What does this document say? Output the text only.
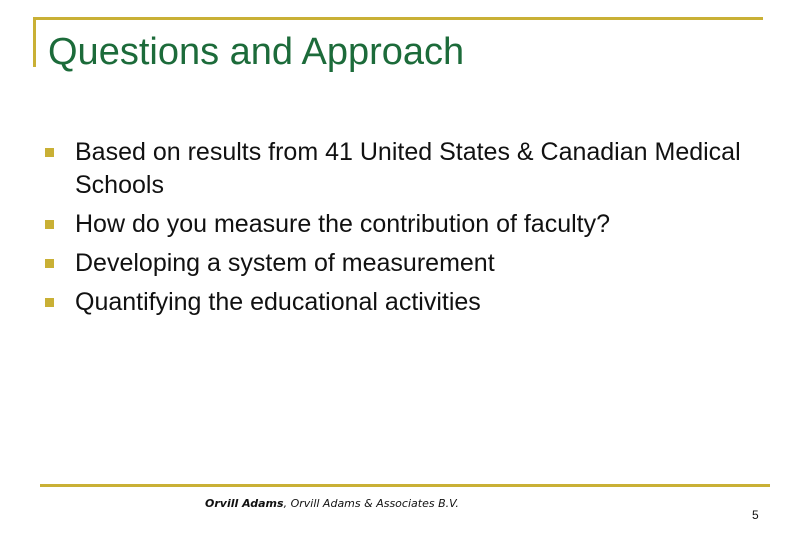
Questions and Approach
Based on results from 41 United States & Canadian Medical Schools
How do you measure the contribution of faculty?
Developing a system of measurement
Quantifying the educational activities
Orvill Adams, Orvill Adams & Associates B.V.
5
